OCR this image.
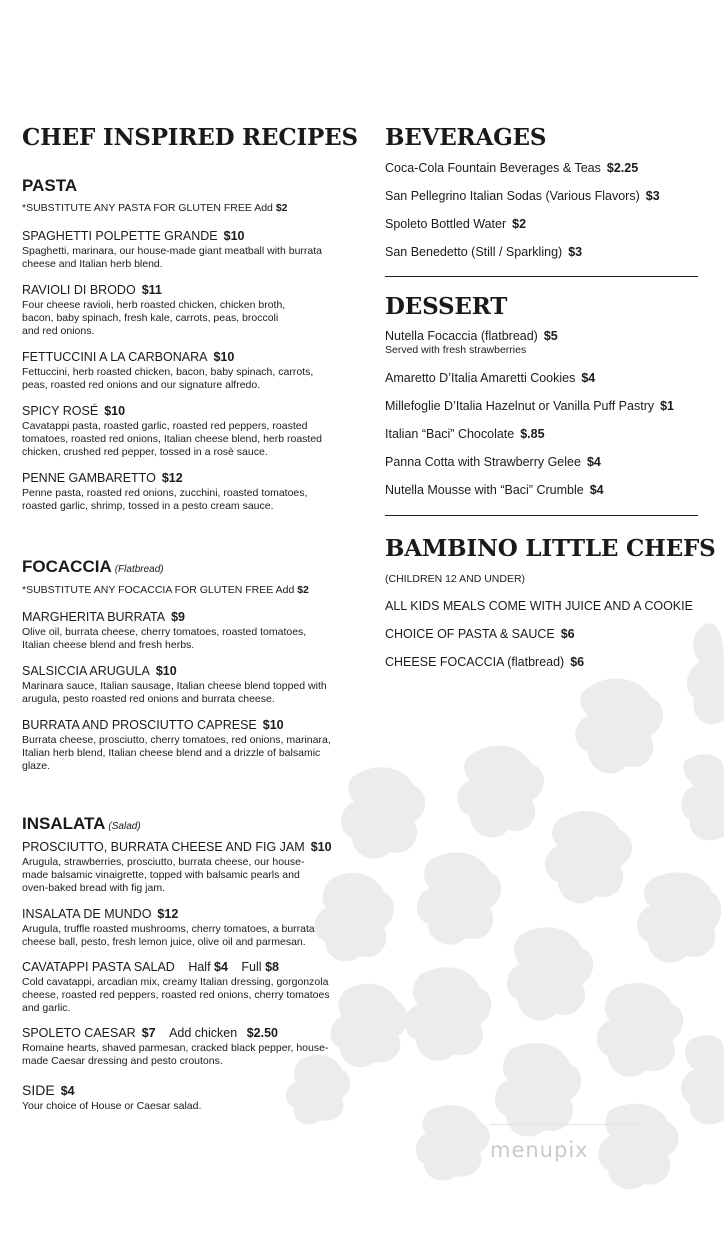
CHEF INSPIRED RECIPES
PASTA
*SUBSTITUTE ANY PASTA FOR GLUTEN FREE Add $2
SPAGHETTI POLPETTE GRANDE $10
Spaghetti, marinara, our house-made giant meatball with burrata cheese and Italian herb blend.
RAVIOLI DI BRODO $11
Four cheese ravioli, herb roasted chicken, chicken broth, bacon, baby spinach, fresh kale, carrots, peas, broccoli and red onions.
FETTUCCINI A LA CARBONARA $10
Fettuccini, herb roasted chicken, bacon, baby spinach, carrots, peas, roasted red onions and our signature alfredo.
SPICY ROSÉ $10
Cavatappi pasta, roasted garlic, roasted red peppers, roasted tomatoes, roasted red onions, Italian cheese blend, herb roasted chicken, crushed red pepper, tossed in a rosè sauce.
PENNE GAMBARETTO $12
Penne pasta, roasted red onions, zucchini, roasted tomatoes, roasted garlic, shrimp, tossed in a pesto cream sauce.
FOCACCIA (Flatbread)
*SUBSTITUTE ANY FOCACCIA FOR GLUTEN FREE Add $2
MARGHERITA BURRATA $9
Olive oil, burrata cheese, cherry tomatoes, roasted tomatoes, Italian cheese blend and fresh herbs.
SALSICCIA ARUGULA $10
Marinara sauce, Italian sausage, Italian cheese blend topped with arugula, pesto roasted red onions and burrata cheese.
BURRATA AND PROSCIUTTO CAPRESE $10
Burrata cheese, prosciutto, cherry tomatoes, red onions, marinara, Italian herb blend, Italian cheese blend and a drizzle of balsamic glaze.
INSALATA (Salad)
PROSCIUTTO, BURRATA CHEESE AND FIG JAM $10
Arugula, strawberries, prosciutto, burrata cheese, our house-made balsamic vinaigrette, topped with balsamic pearls and oven-baked bread with fig jam.
INSALATA DE MUNDO $12
Arugula, truffle roasted mushrooms, cherry tomatoes, a burrata cheese ball, pesto, fresh lemon juice, olive oil and parmesan.
CAVATAPPI PASTA SALAD Half $4 Full $8
Cold cavatappi, arcadian mix, creamy Italian dressing, gorgonzola cheese, roasted red peppers, roasted red onions, cherry tomatoes and garlic.
SPOLETO CAESAR $7 Add chicken $2.50
Romaine hearts, shaved parmesan, cracked black pepper, house-made Caesar dressing and pesto croutons.
SIDE $4
Your choice of House or Caesar salad.
BEVERAGES
Coca-Cola Fountain Beverages & Teas $2.25
San Pellegrino Italian Sodas (Various Flavors) $3
Spoleto Bottled Water $2
San Benedetto (Still / Sparkling) $3
DESSERT
Nutella Focaccia (flatbread) $5
Served with fresh strawberries
Amaretto D’Italia Amaretti Cookies $4
Millefoglie D’Italia Hazelnut or Vanilla Puff Pastry $1
Italian “Baci” Chocolate $.85
Panna Cotta with Strawberry Gelee $4
Nutella Mousse with “Baci” Crumble $4
BAMBINO LITTLE CHEFS
(CHILDREN 12 AND UNDER)
ALL KIDS MEALS COME WITH JUICE AND A COOKIE
CHOICE OF PASTA & SAUCE $6
CHEESE FOCACCIA (flatbread) $6
menupix
